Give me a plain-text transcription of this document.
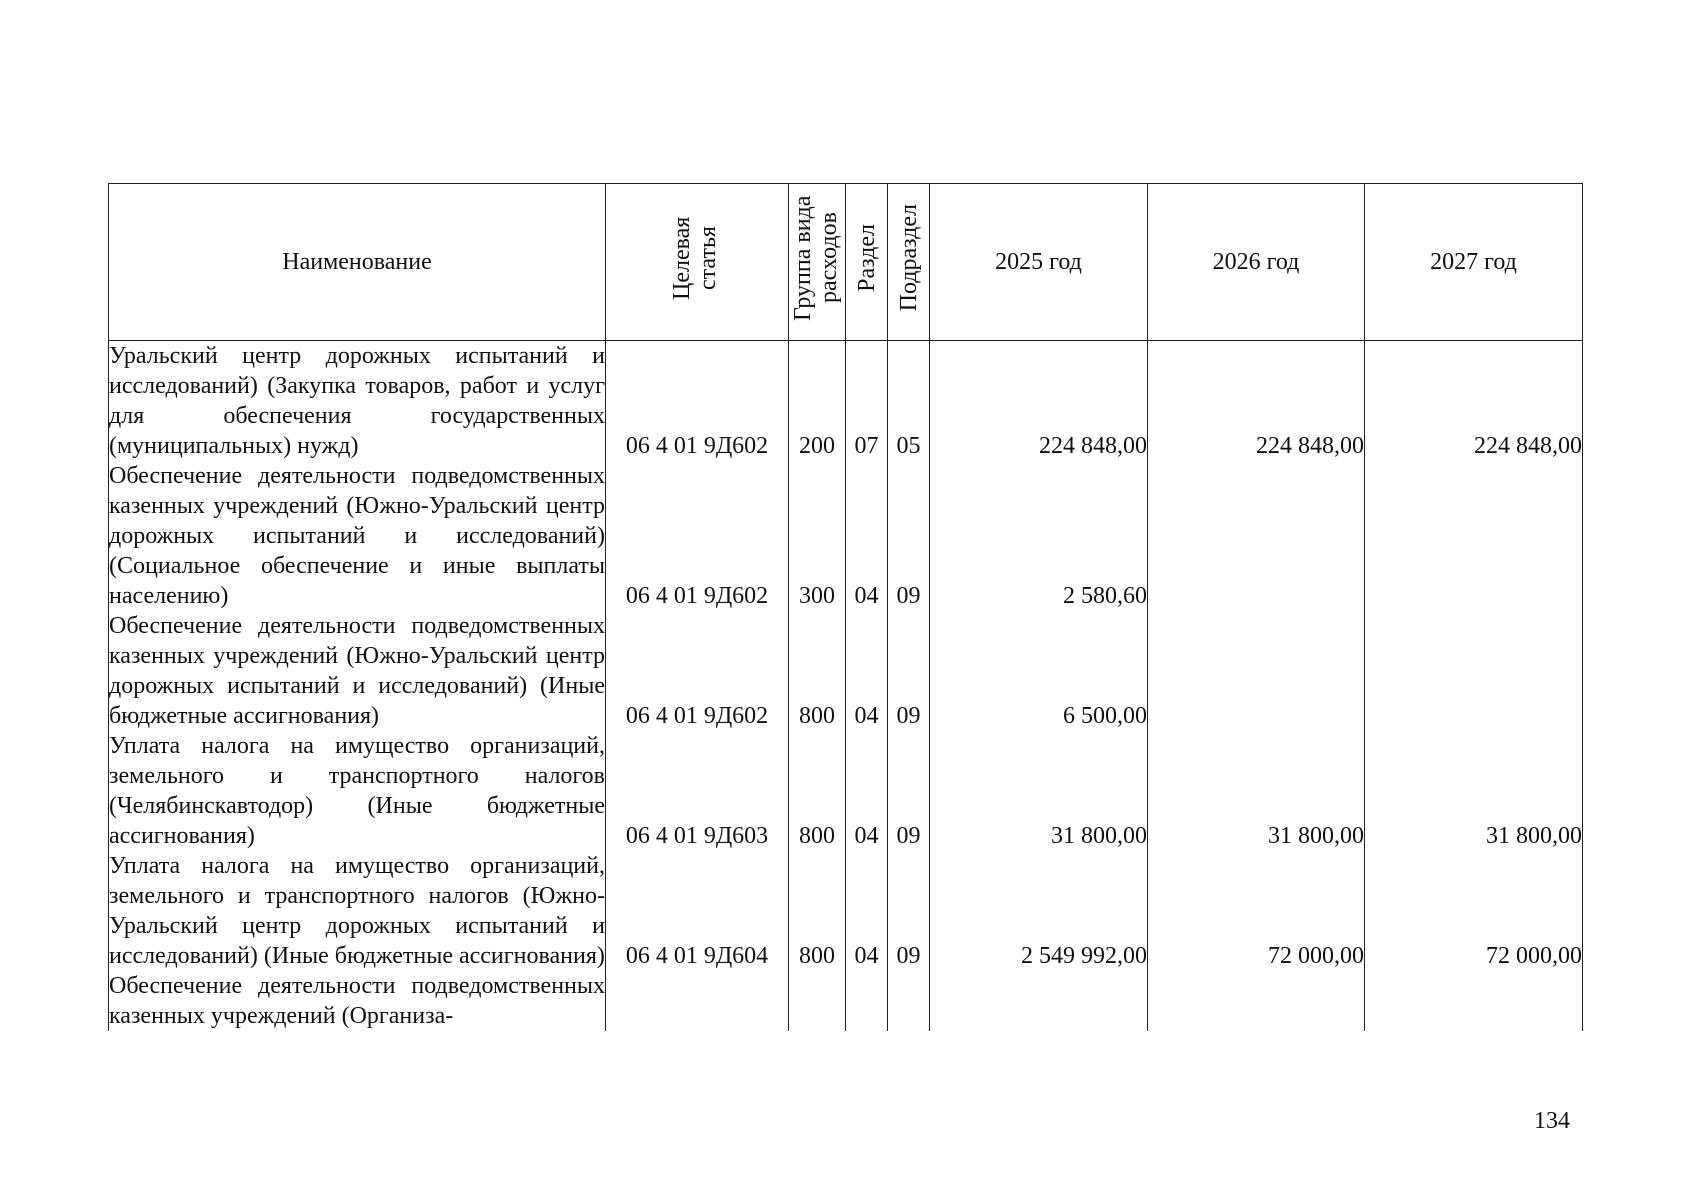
Наименование	Целевая статья	Группа вида расходов	Раздел	Подраздел	2025 год	2026 год	2027 год
Уральский центр дорожных испытаний и исследований) (Закупка товаров, работ и услуг для обеспечения государственных (муниципальных) нужд)	06 4 01 9Д602	200	07	05	224 848,00	224 848,00	224 848,00
Обеспечение деятельности подведомственных казенных учреждений (Южно-Уральский центр дорожных испытаний и исследований) (Социальное обеспечение и иные выплаты населению)	06 4 01 9Д602	300	04	09	2 580,60		
Обеспечение деятельности подведомственных казенных учреждений (Южно-Уральский центр дорожных испытаний и исследований) (Иные бюджетные ассигнования)	06 4 01 9Д602	800	04	09	6 500,00		
Уплата налога на имущество организаций, земельного и транспортного налогов (Челябинскавтодор) (Иные бюджетные ассигнования)	06 4 01 9Д603	800	04	09	31 800,00	31 800,00	31 800,00
Уплата налога на имущество организаций, земельного и транспортного налогов (Южно-Уральский центр дорожных испытаний и исследований) (Иные бюджетные ассигнования)	06 4 01 9Д604	800	04	09	2 549 992,00	72 000,00	72 000,00
Обеспечение деятельности подведомственных казенных учреждений (Организа-							
134
